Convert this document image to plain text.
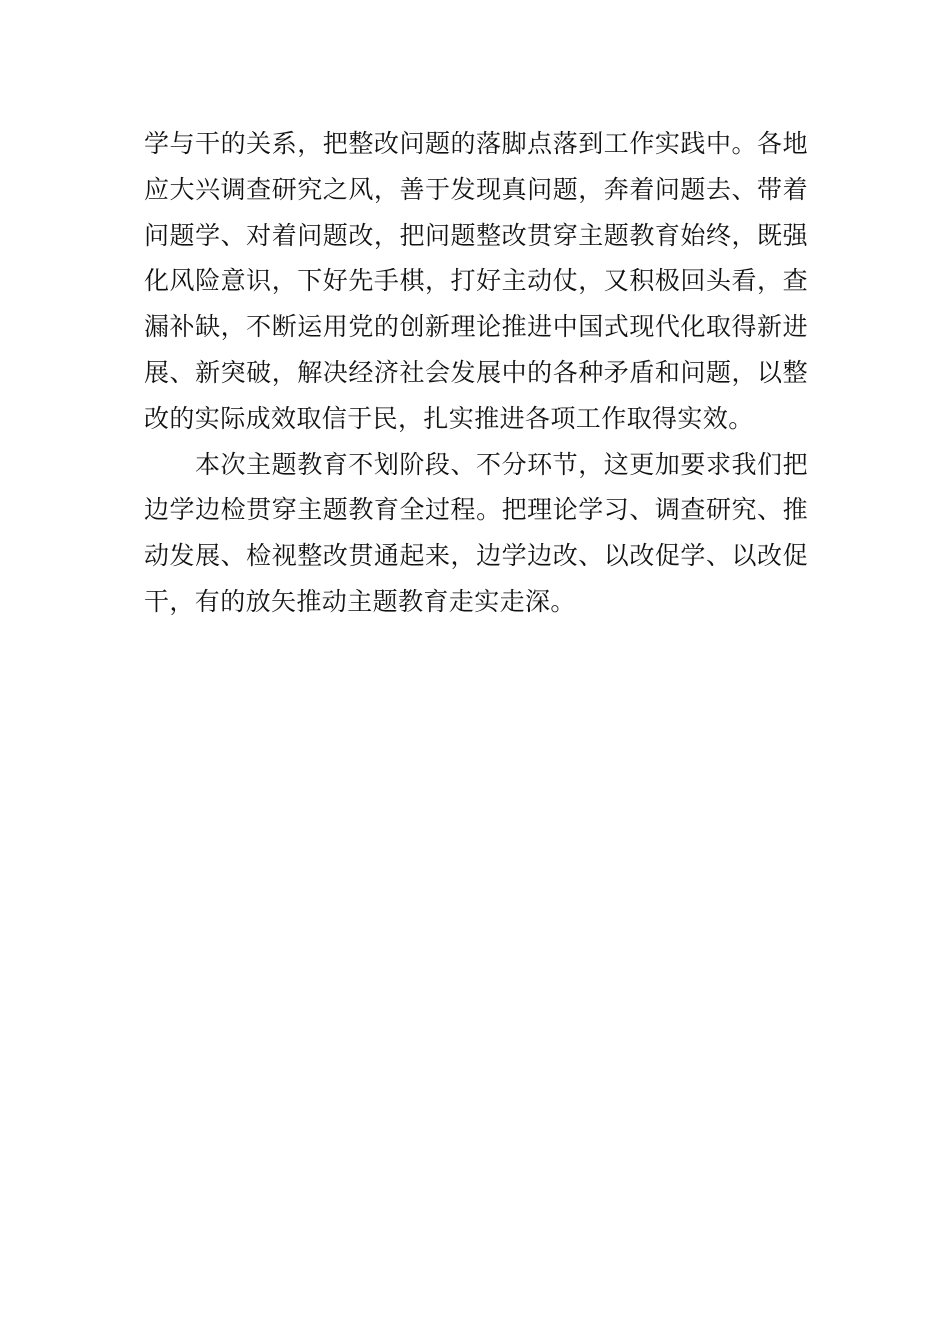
学与干的关系，把整改问题的落脚点落到工作实践中。各地
应大兴调查研究之风，善于发现真问题，奔着问题去、带着
问题学、对着问题改，把问题整改贯穿主题教育始终，既强
化风险意识，下好先手棋，打好主动仗，又积极回头看，查
漏补缺，不断运用党的创新理论推进中国式现代化取得新进
展、新突破，解决经济社会发展中的各种矛盾和问题，以整
改的实际成效取信于民，扎实推进各项工作取得实效。
本次主题教育不划阶段、不分环节，这更加要求我们把
边学边检贯穿主题教育全过程。把理论学习、调查研究、推
动发展、检视整改贯通起来，边学边改、以改促学、以改促
干，有的放矢推动主题教育走实走深。
